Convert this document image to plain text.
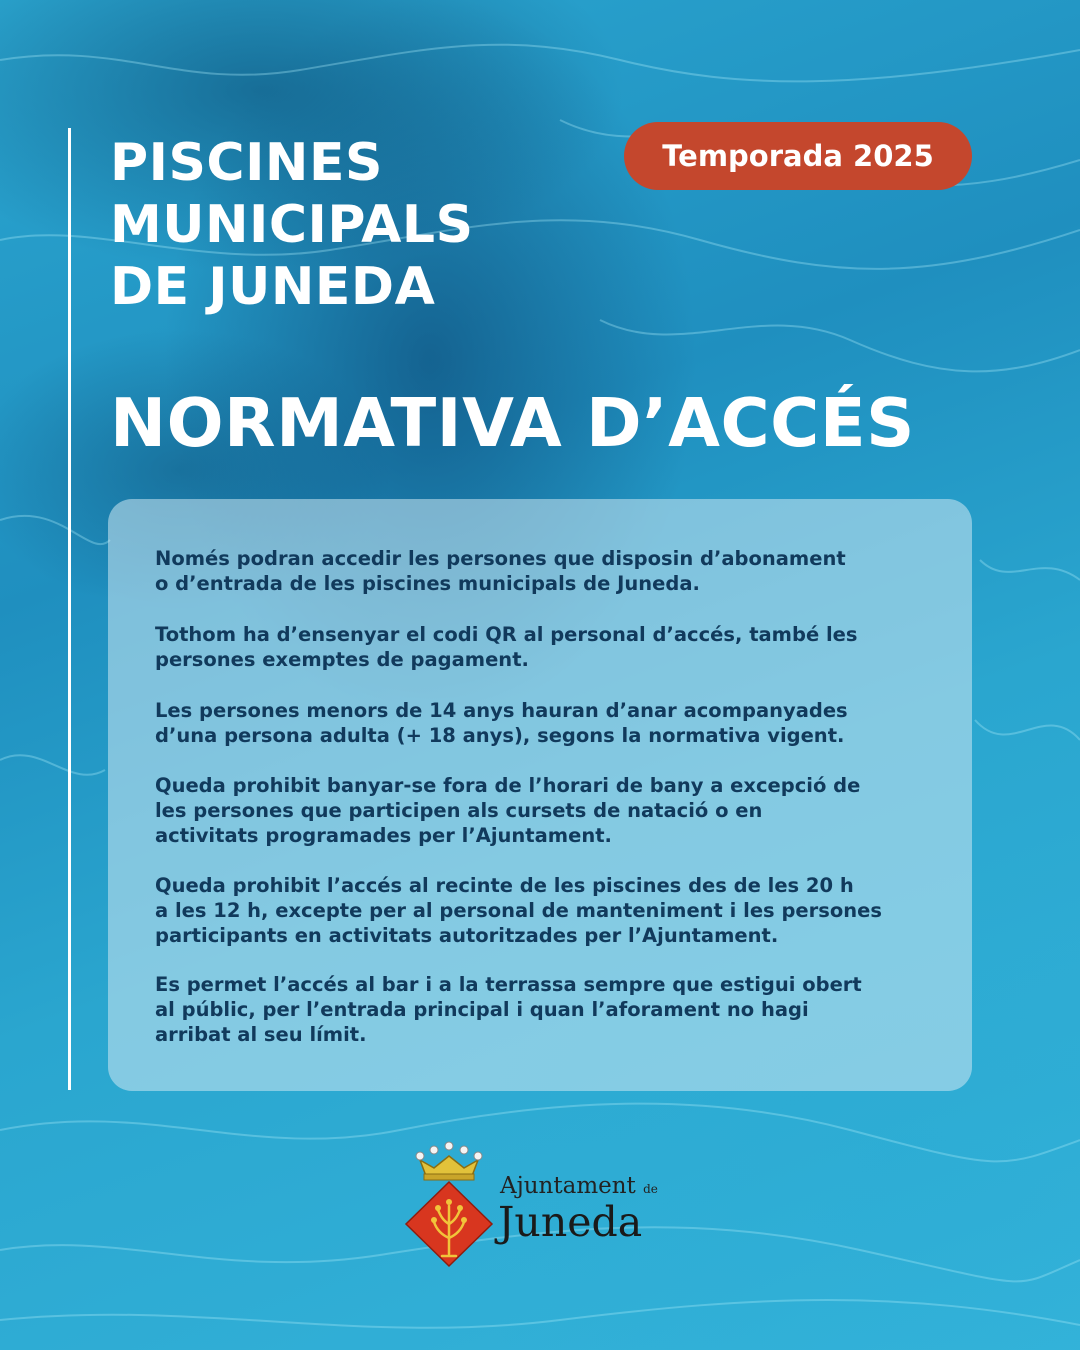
PISCINES
MUNICIPALS
DE JUNEDA
Temporada 2025
NORMATIVA D’ACCÉS

Només podran accedir les persones que disposin d’abonament
o d’entrada de les piscines municipals de Juneda.

Tothom ha d’ensenyar el codi QR al personal d’accés, també les
persones exemptes de pagament.

Les persones menors de 14 anys hauran d’anar acompanyades
d’una persona adulta (+ 18 anys), segons la normativa vigent.

Queda prohibit banyar-se fora de l’horari de bany a excepció de
les persones que participen als cursets de natació o en
activitats programades per l’Ajuntament.

Queda prohibit l’accés al recinte de les piscines des de les 20 h
a les 12 h, excepte per al personal de manteniment i les persones
participants en activitats autoritzades per l’Ajuntament.

Es permet l’accés al bar i a la terrassa sempre que estigui obert
al públic, per l’entrada principal i quan l’aforament no hagi
arribat al seu límit.

Ajuntament de
Juneda
